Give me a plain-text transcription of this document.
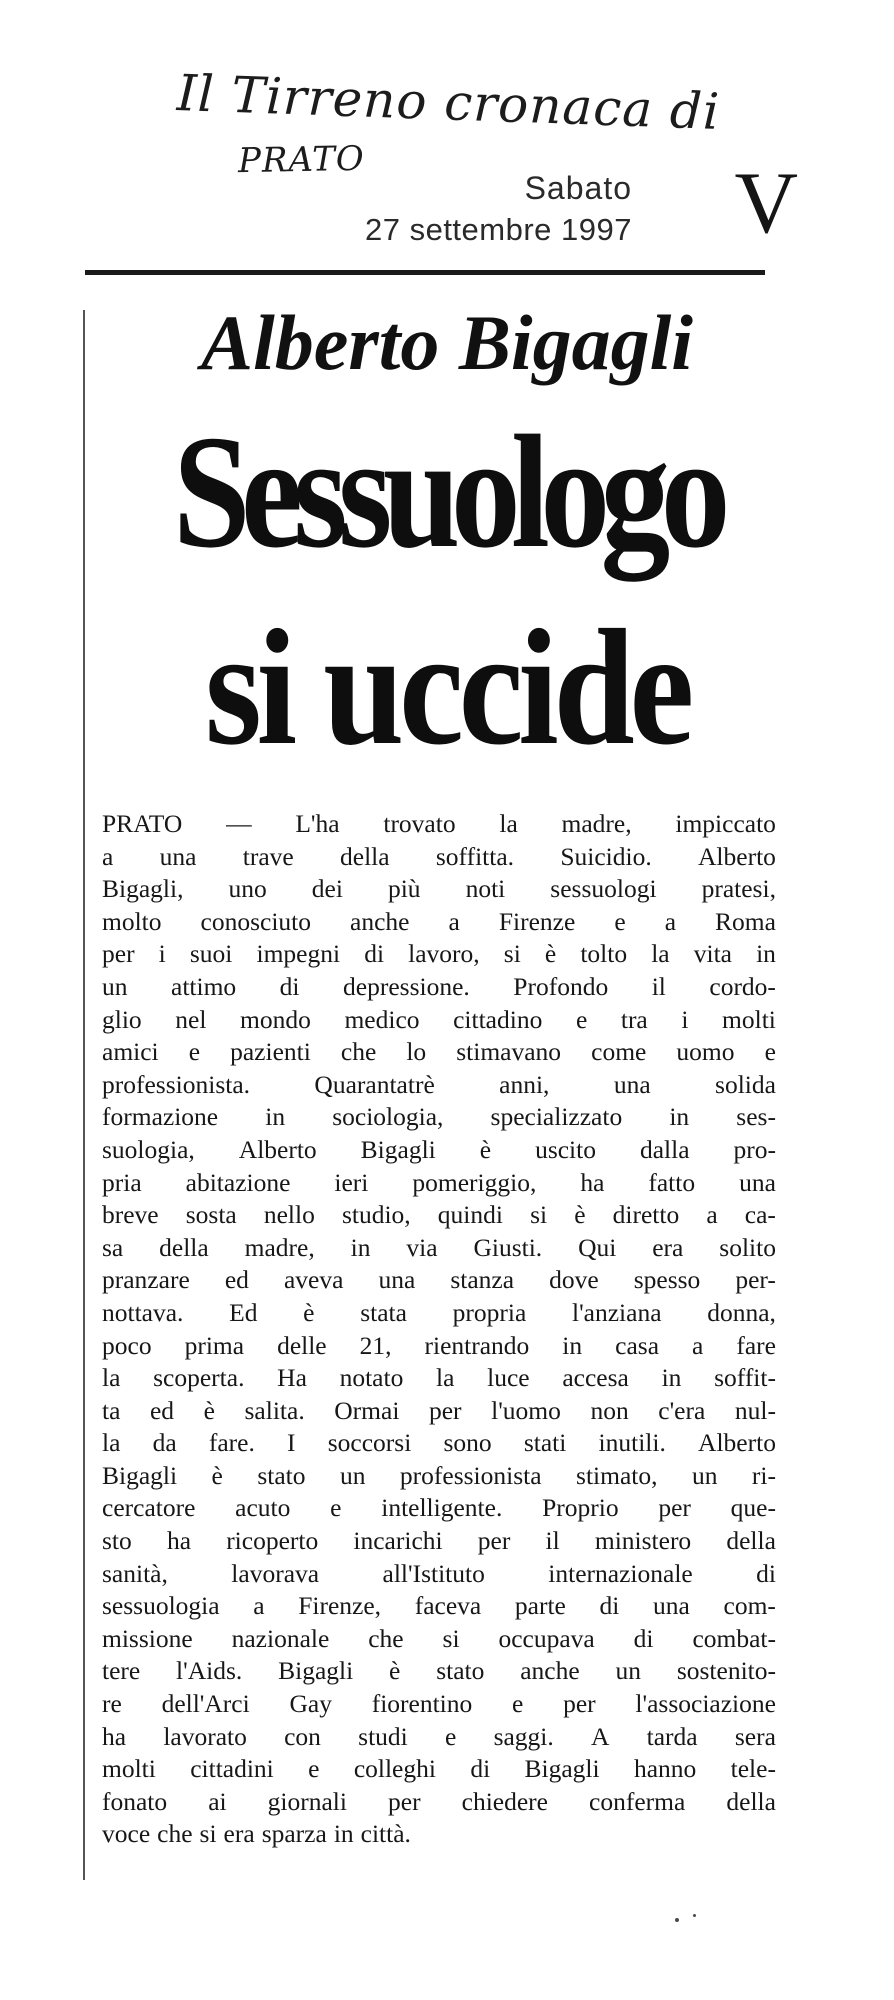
Il Tirreno cronaca di
PRATO
Sabato
27 settembre 1997 V
Alberto Bigagli
Sessuologo
si uccide
PRATO — L'ha trovato la madre, impiccato
a una trave della soffitta. Suicidio. Alberto
Bigagli, uno dei più noti sessuologi pratesi,
molto conosciuto anche a Firenze e a Roma
per i suoi impegni di lavoro, si è tolto la vita in
un attimo di depressione. Profondo il cordo-
glio nel mondo medico cittadino e tra i molti
amici e pazienti che lo stimavano come uomo e
professionista.	Quarantatrè	anni,	una	solida
formazione in sociologia, specializzato in ses-
suologia, Alberto Bigagli è uscito dalla pro-
pria abitazione ieri pomeriggio, ha fatto una
breve sosta nello studio, quindi si è diretto a ca-
sa della madre, in via Giusti. Qui era solito
pranzare ed aveva una stanza dove spesso per-
nottava. Ed è stata propria l'anziana donna,
poco prima delle 21, rientrando in casa a fare
la scoperta. Ha notato la luce accesa in soffit-
ta ed è salita. Ormai per l'uomo non c'era nul-
la da fare. I soccorsi sono stati inutili. Alberto
Bigagli è stato un professionista stimato, un ri-
cercatore acuto e intelligente. Proprio per que-
sto ha ricoperto incarichi per il ministero della
sanità, lavorava all'Istituto internazionale di
sessuologia a Firenze, faceva parte di una com-
missione nazionale che si occupava di combat-
tere l'Aids. Bigagli è stato anche un sostenito-
re dell'Arci Gay fiorentino e per l'associazione
ha lavorato con studi e saggi. A tarda sera
molti cittadini e colleghi di Bigagli hanno tele-
fonato ai giornali per chiedere conferma della
voce che si era sparza in città.
